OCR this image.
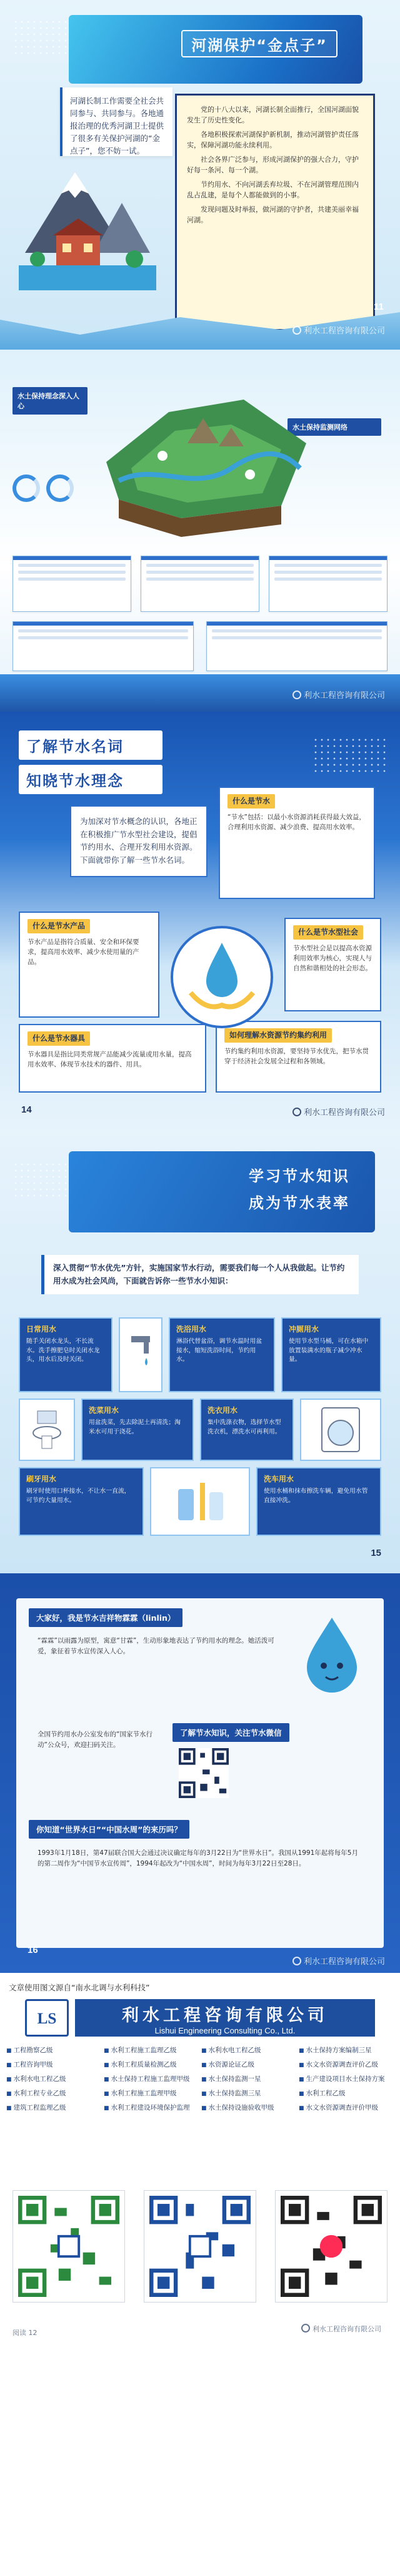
河湖保护“金点子”
河湖长制工作需要全社会共同参与、共同参与。各地通报治理的优秀河湖卫士提供了很多有关保护河湖的“金点子”，您不妨一试。

党的十八大以来，河湖长制全面推行，全国河湖面貌发生了历史性变化。

各地积极探索河湖保护新机制，推动河湖管护责任落实，保障河湖功能永续利用。

社会各界广泛参与，形成河湖保护的强大合力，守护好每一条河、每一个湖。

节约用水、不向河湖丢弃垃圾、不在河湖管理范围内乱占乱建，是每个人都能做到的小事。

发现问题及时举报，做河湖的守护者，共建美丽幸福河湖。

11
利水工程咨询有限公司
水土保持理念深入人心
水土保持监测网络
利水工程咨询有限公司
了解节水名词
知晓节水理念
为加深对节水概念的认识，各地正在积极推广节水型社会建设，提倡节约用水、合理开发利用水资源。下面就带你了解一些节水名词。
什么是节水
“节水”包括：以最小水资源消耗获得最大效益，合理利用水资源、减少浪费、提高用水效率。
什么是节水产品
节水产品是指符合质量、安全和环保要求，提高用水效率、减少水使用量的产品。
什么是节水器具
节水器具是指比同类常规产品能减少流量或用水量，提高用水效率、体现节水技术的器件、用具。
什么是节水型社会
节水型社会是以提高水资源利用效率为核心，实现人与自然和谐相处的社会形态。
如何理解水资源节约集约利用
节约集约利用水资源，要坚持节水优先，把节水贯穿于经济社会发展全过程和各领域。
14	利水工程咨询有限公司
学习节水知识
成为节水表率
深入贯彻“节水优先”方针，实施国家节水行动，需要我们每一个人从我做起。让节约用水成为社会风尚，下面就告诉你一些节水小知识：
日常用水
随手关闭水龙头，不长流水。洗手擦肥皂时关闭水龙头，用水后及时关闭。
洗浴用水
淋浴代替盆浴，调节水温时用盆接水，缩短洗浴时间，节约用水。
冲厕用水
使用节水型马桶，可在水箱中放置装满水的瓶子减少冲水量。
洗菜用水
用盆洗菜，先去除泥土再清洗；淘米水可用于浇花。
洗衣用水
集中洗涤衣物，选择节水型洗衣机，漂洗水可再利用。
刷牙用水
刷牙时使用口杯接水，不让水一直流，可节约大量用水。
洗车用水
使用水桶和抹布擦洗车辆，避免用水管直接冲洗。
15
大家好，我是节水吉祥物霖霖（linlin）
“霖霖”以雨露为原型，寓意“甘霖”，生动形象地表达了节约用水的理念。她活泼可爱，象征着节水宣传深入人心。
了解节水知识，关注节水微信
全国节约用水办公室发布的“国家节水行动”公众号，欢迎扫码关注。
你知道“世界水日”“中国水周”的来历吗？
1993年1月18日，第47届联合国大会通过决议确定每年的3月22日为“世界水日”。我国从1991年起将每年5月的第二周作为“中国节水宣传周”，1994年起改为“中国水周”，时间为每年3月22日至28日。
16
利水工程咨询有限公司
文章使用图文源自“南水北调与水利科技”
LS	利水工程咨询有限公司
Lishui Engineering Consulting Co., Ltd.
■ 工程勘察乙级	■ 水利工程施工监理乙级	■ 水利水电工程乙级	■ 水土保持方案编制三星
■ 工程咨询甲级	■ 水利工程质量检测乙级	■ 水资源论证乙级	■ 水文水资源调查评价乙级
■ 水利水电工程乙级	■ 水土保持工程施工监理甲级	■ 水土保持监测一星	■ 生产建设项目水土保持方案
■ 水利工程专业乙级	■ 水利工程施工监理甲级	■ 水土保持监测三星	■ 水利工程乙级
■ 建筑工程监理乙级	■ 水利工程建设环境保护监理	■ 水土保持设施验收甲级	■ 水文水资源调查评价甲级
阅读 12	利水工程咨询有限公司
